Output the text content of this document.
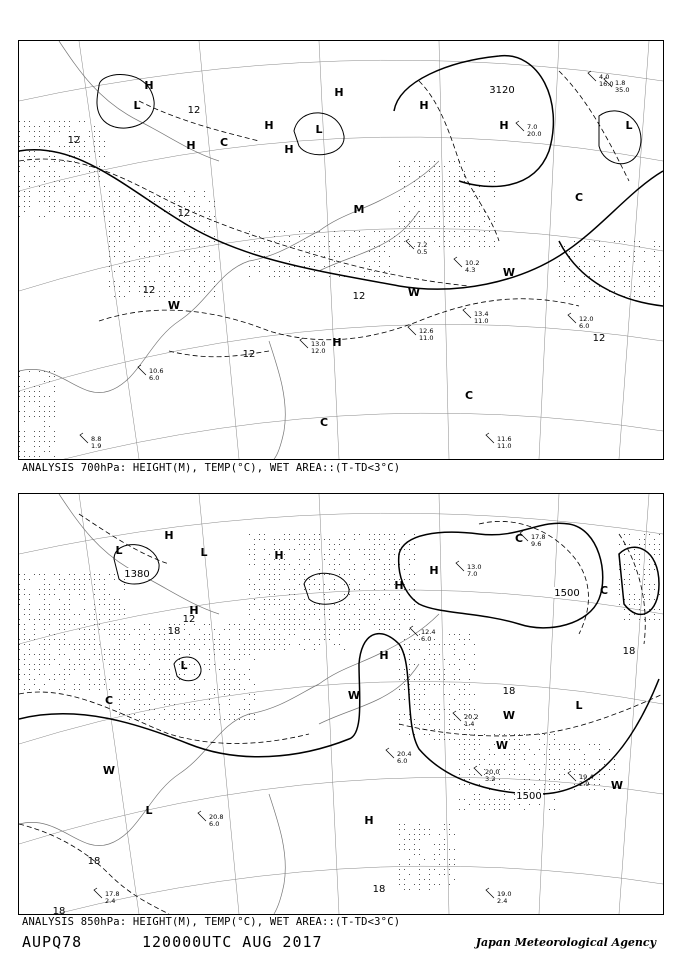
L
H
H
L
C
H
H
H
L
H
H
M
C
H
C
W
W
W
C
3120
12
12
12
12
12
12
12
10.6
6.0
12.6
11.0
13.4
11.0	12.0
6.0
11.6
11.0
8.8
1.9
13.0
12.0
10.2
4.3
7.2
0.5
4.0
16.0 1.8
35.0
7.0
20.0
ANALYSIS 700hPa: HEIGHT(M), TEMP(°C), WET AREA::(T-TD<3°C)
L
H
L	H
H
L
H
H
C
C
C
H
L
W
W
W
W
W
L
H
1380
1500
1500
18
18
18
18
18
18
12
20.0
3.2
19.0
2.4
20.4
6.0
20.8
6.0
17.8
2.4
19.4
2.9
20.2
1.4
12.4
6.0
13.0
7.0
17.8
9.6
ANALYSIS 850hPa: HEIGHT(M), TEMP(°C), WET AREA::(T-TD<3°C)
AUPQ78	120000UTC AUG 2017	Japan Meteorological Agency
